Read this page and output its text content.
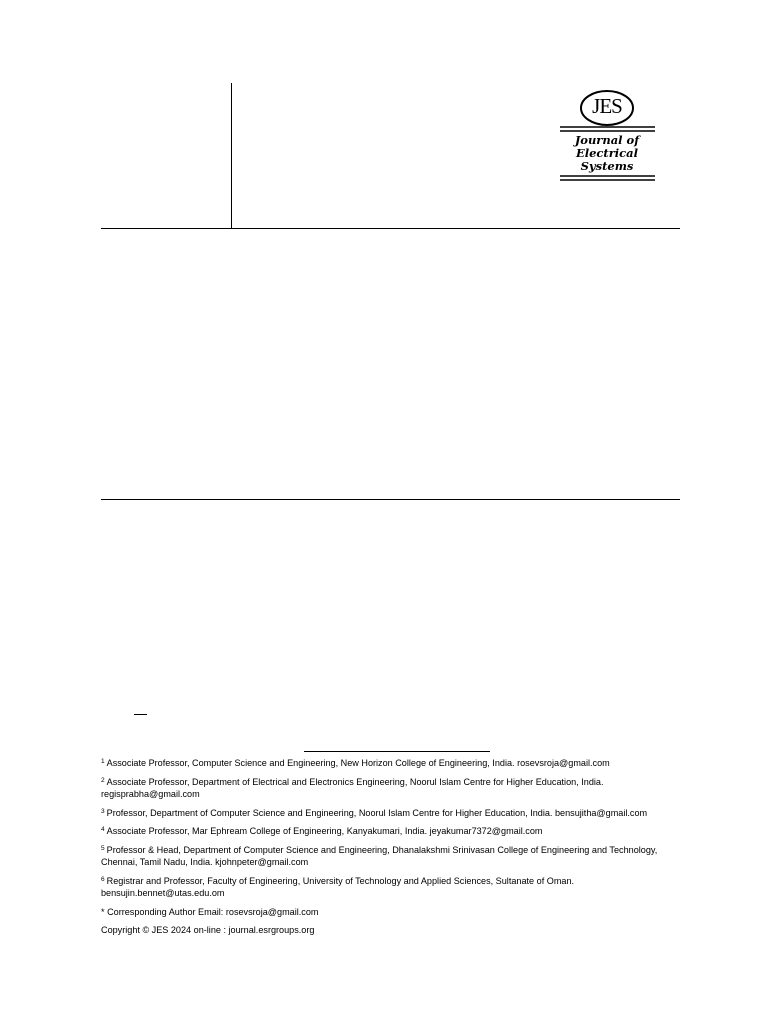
JES
Journal of
Electrical
Systems

$^1$ Associate Professor, Computer Science and Engineering, New Horizon College of Engineering, India. rosevsroja@gmail.com

$^2$ Associate Professor, Department of Electrical and Electronics Engineering, Noorul Islam Centre for Higher Education, India. regisprabha@gmail.com

$^3$ Professor, Department of Computer Science and Engineering, Noorul Islam Centre for Higher Education, India. bensujitha@gmail.com

$^4$ Associate Professor, Mar Ephream College of Engineering, Kanyakumari, India. jeyakumar7372@gmail.com

$^5$ Professor & Head, Department of Computer Science and Engineering, Dhanalakshmi Srinivasan College of Engineering and Technology, Chennai, Tamil Nadu, India. kjohnpeter@gmail.com

$^6$ Registrar and Professor, Faculty of Engineering, University of Technology and Applied Sciences, Sultanate of Oman. bensujin.bennet@utas.edu.om

* Corresponding Author Email: rosevsroja@gmail.com

Copyright © JES 2024 on-line : journal.esrgroups.org
